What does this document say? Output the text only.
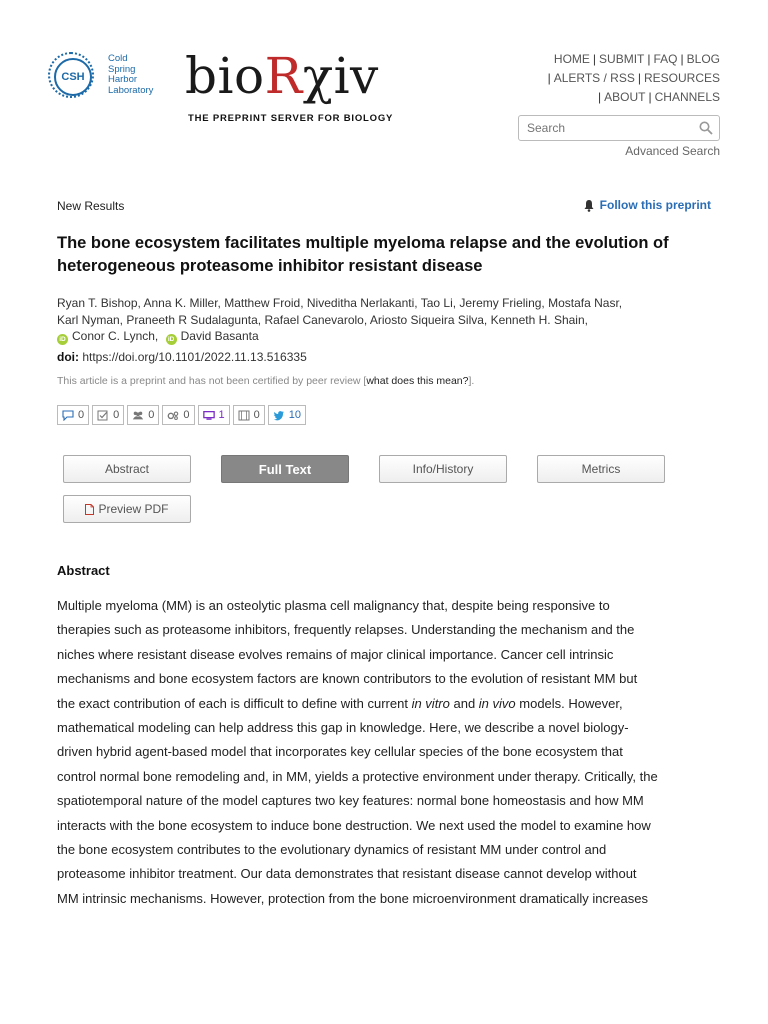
CSH
Cold
Spring
Harbor
Laboratory bioRχiv
THE PREPRINT SERVER FOR BIOLOGY
HOME | SUBMIT | FAQ | BLOG
| ALERTS / RSS | RESOURCES
| ABOUT | CHANNELS
Search
Advanced Search
New Results	Follow this preprint
The bone ecosystem facilitates multiple myeloma relapse and the evolution of heterogeneous proteasome inhibitor resistant disease
Ryan T. Bishop, Anna K. Miller, Matthew Froid, Niveditha Nerlakanti, Tao Li, Jeremy Frieling, Mostafa Nasr,
Karl Nyman, Praneeth R Sudalagunta, Rafael Canevarolo, Ariosto Siqueira Silva, Kenneth H. Shain,
iD Conor C. Lynch, iD David Basanta
doi: https://doi.org/10.1101/2022.11.13.516335
This article is a preprint and has not been certified by peer review [what does this mean?].
0	0	0	0	1	0	10
Abstract	Full Text	Info/History	Metrics
Preview PDF
Abstract
Multiple myeloma (MM) is an osteolytic plasma cell malignancy that, despite being responsive to
therapies such as proteasome inhibitors, frequently relapses. Understanding the mechanism and the
niches where resistant disease evolves remains of major clinical importance. Cancer cell intrinsic
mechanisms and bone ecosystem factors are known contributors to the evolution of resistant MM but
the exact contribution of each is difficult to define with current in vitro and in vivo models. However,
mathematical modeling can help address this gap in knowledge. Here, we describe a novel biology-
driven hybrid agent-based model that incorporates key cellular species of the bone ecosystem that
control normal bone remodeling and, in MM, yields a protective environment under therapy. Critically, the
spatiotemporal nature of the model captures two key features: normal bone homeostasis and how MM
interacts with the bone ecosystem to induce bone destruction. We next used the model to examine how
the bone ecosystem contributes to the evolutionary dynamics of resistant MM under control and
proteasome inhibitor treatment. Our data demonstrates that resistant disease cannot develop without
MM intrinsic mechanisms. However, protection from the bone microenvironment dramatically increases
